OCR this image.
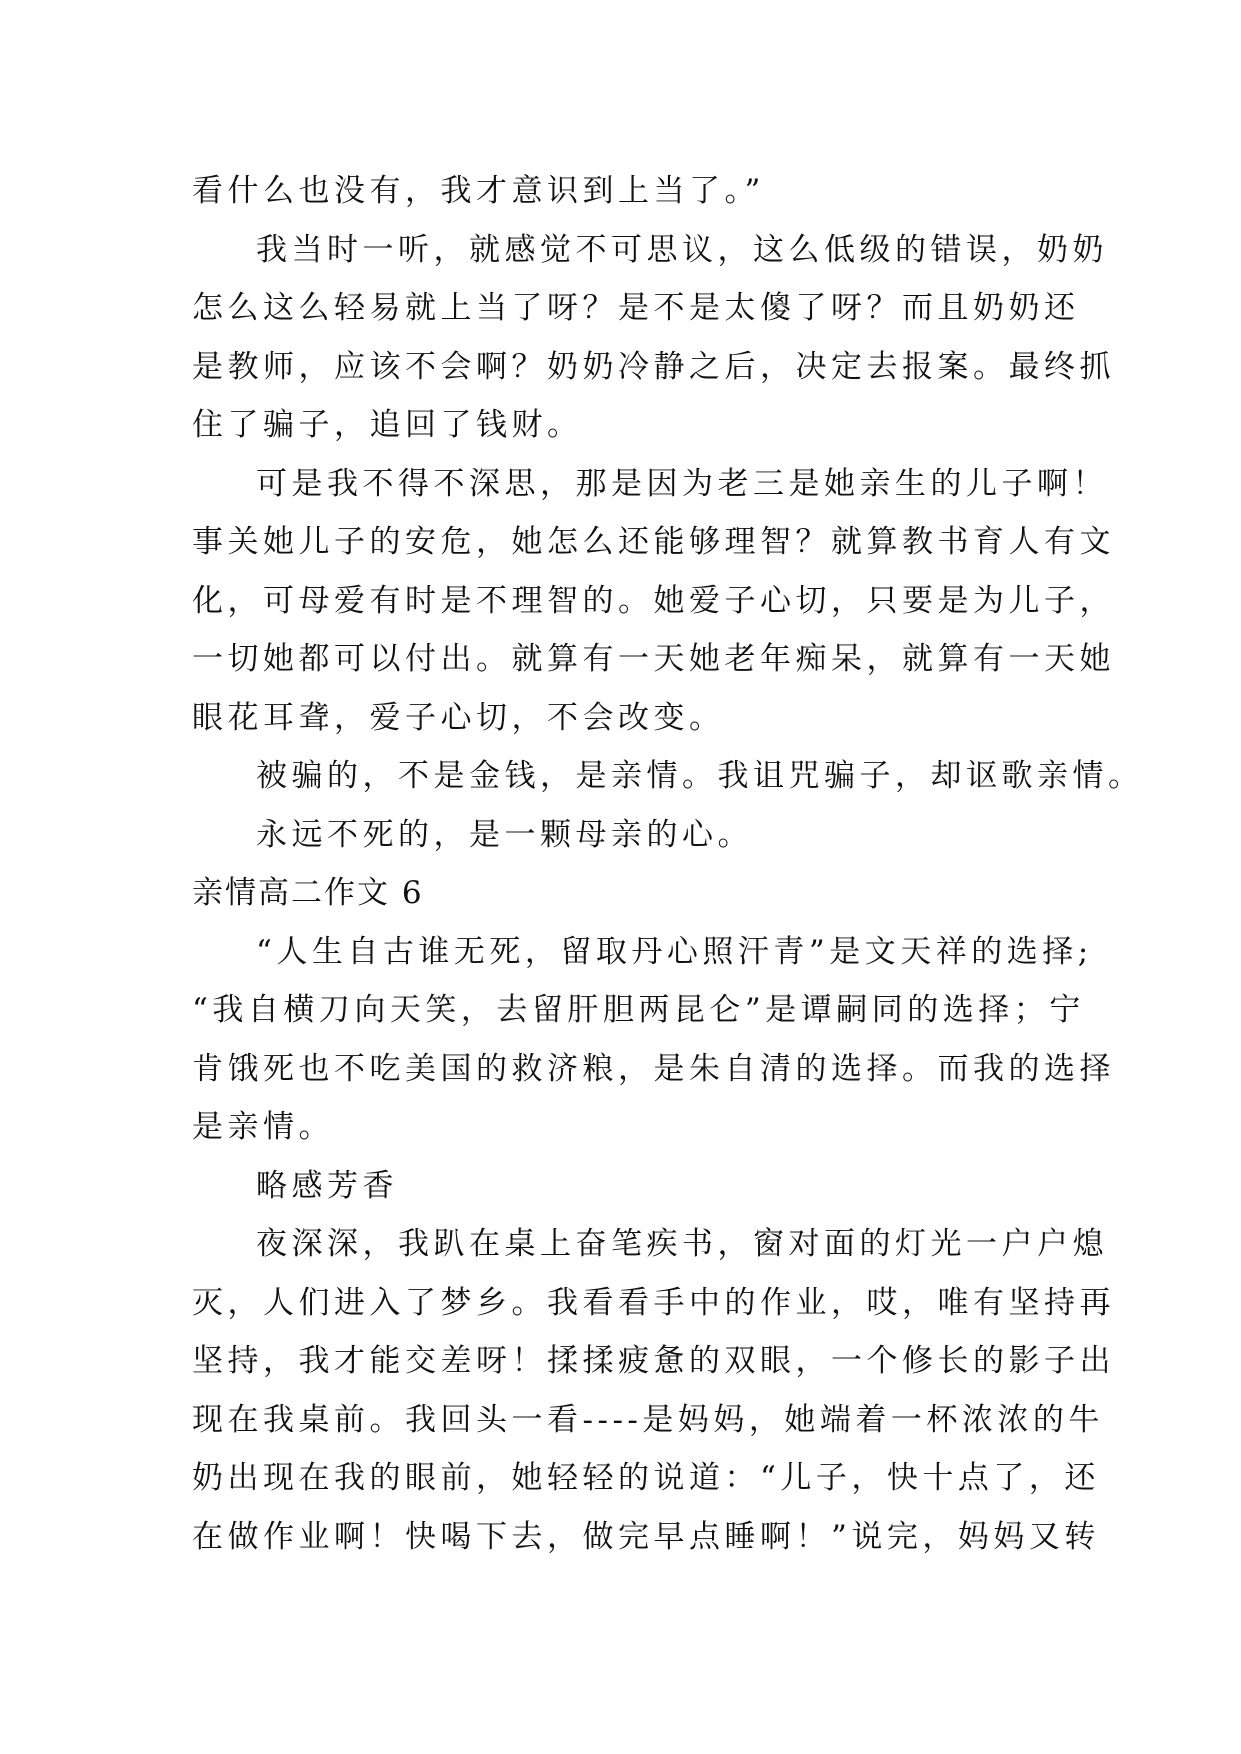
看什么也没有，我才意识到上当了。”
我当时一听，就感觉不可思议，这么低级的错误，奶奶
怎么这么轻易就上当了呀？是不是太傻了呀？而且奶奶还
是教师，应该不会啊？奶奶冷静之后，决定去报案。最终抓
住了骗子，追回了钱财。
可是我不得不深思，那是因为老三是她亲生的儿子啊！
事关她儿子的安危，她怎么还能够理智？就算教书育人有文
化，可母爱有时是不理智的。她爱子心切，只要是为儿子，
一切她都可以付出。就算有一天她老年痴呆，就算有一天她
眼花耳聋，爱子心切，不会改变。
被骗的，不是金钱，是亲情。我诅咒骗子，却讴歌亲情。
永远不死的，是一颗母亲的心。
亲情高二作文 6
“人生自古谁无死，留取丹心照汗青”是文天祥的选择;
“我自横刀向天笑，去留肝胆两昆仑”是谭嗣同的选择；宁
肯饿死也不吃美国的救济粮，是朱自清的选择。而我的选择
是亲情。
略感芳香
夜深深，我趴在桌上奋笔疾书，窗对面的灯光一户户熄
灭，人们进入了梦乡。我看看手中的作业，哎，唯有坚持再
坚持，我才能交差呀！揉揉疲惫的双眼，一个修长的影子出
现在我桌前。我回头一看----是妈妈，她端着一杯浓浓的牛
奶出现在我的眼前，她轻轻的说道：“儿子，快十点了，还
在做作业啊！快喝下去，做完早点睡啊！”说完，妈妈又转
